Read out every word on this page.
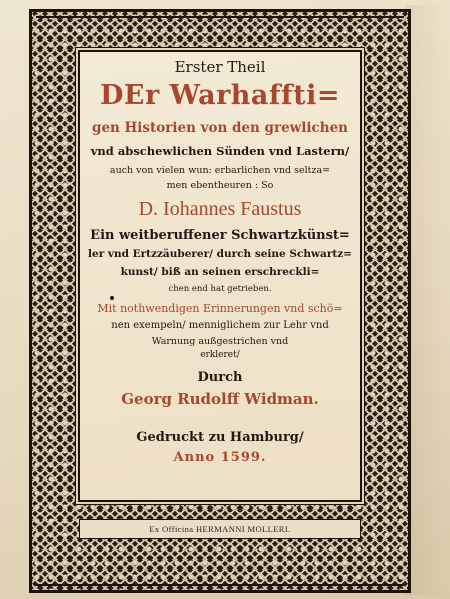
Erster Theil
DEr Warhaffti=
gen Historien von den grewlichen
vnd abschewlichen Sünden vnd Lastern/
auch von vielen wun: erbarlichen vnd seltza=
men ebentheuren : So
D. Iohannes Faustus
Ein weitberuffener Schwartzkünst=
ler vnd Ertzzäuberer/ durch seine Schwartz=
kunst/ biß an seinen erschreckli=
chen end hat getrieben.
Mit nothwendigen Erinnerungen vnd schö=
nen exempeln/ menniglichem zur Lehr vnd
Warnung außgestrichen vnd
erkleret/
Durch
Georg Rudolff Widman.
Gedruckt zu Hamburg/
Anno 1599.
Ex Officina HERMANNI MOLLERI.
